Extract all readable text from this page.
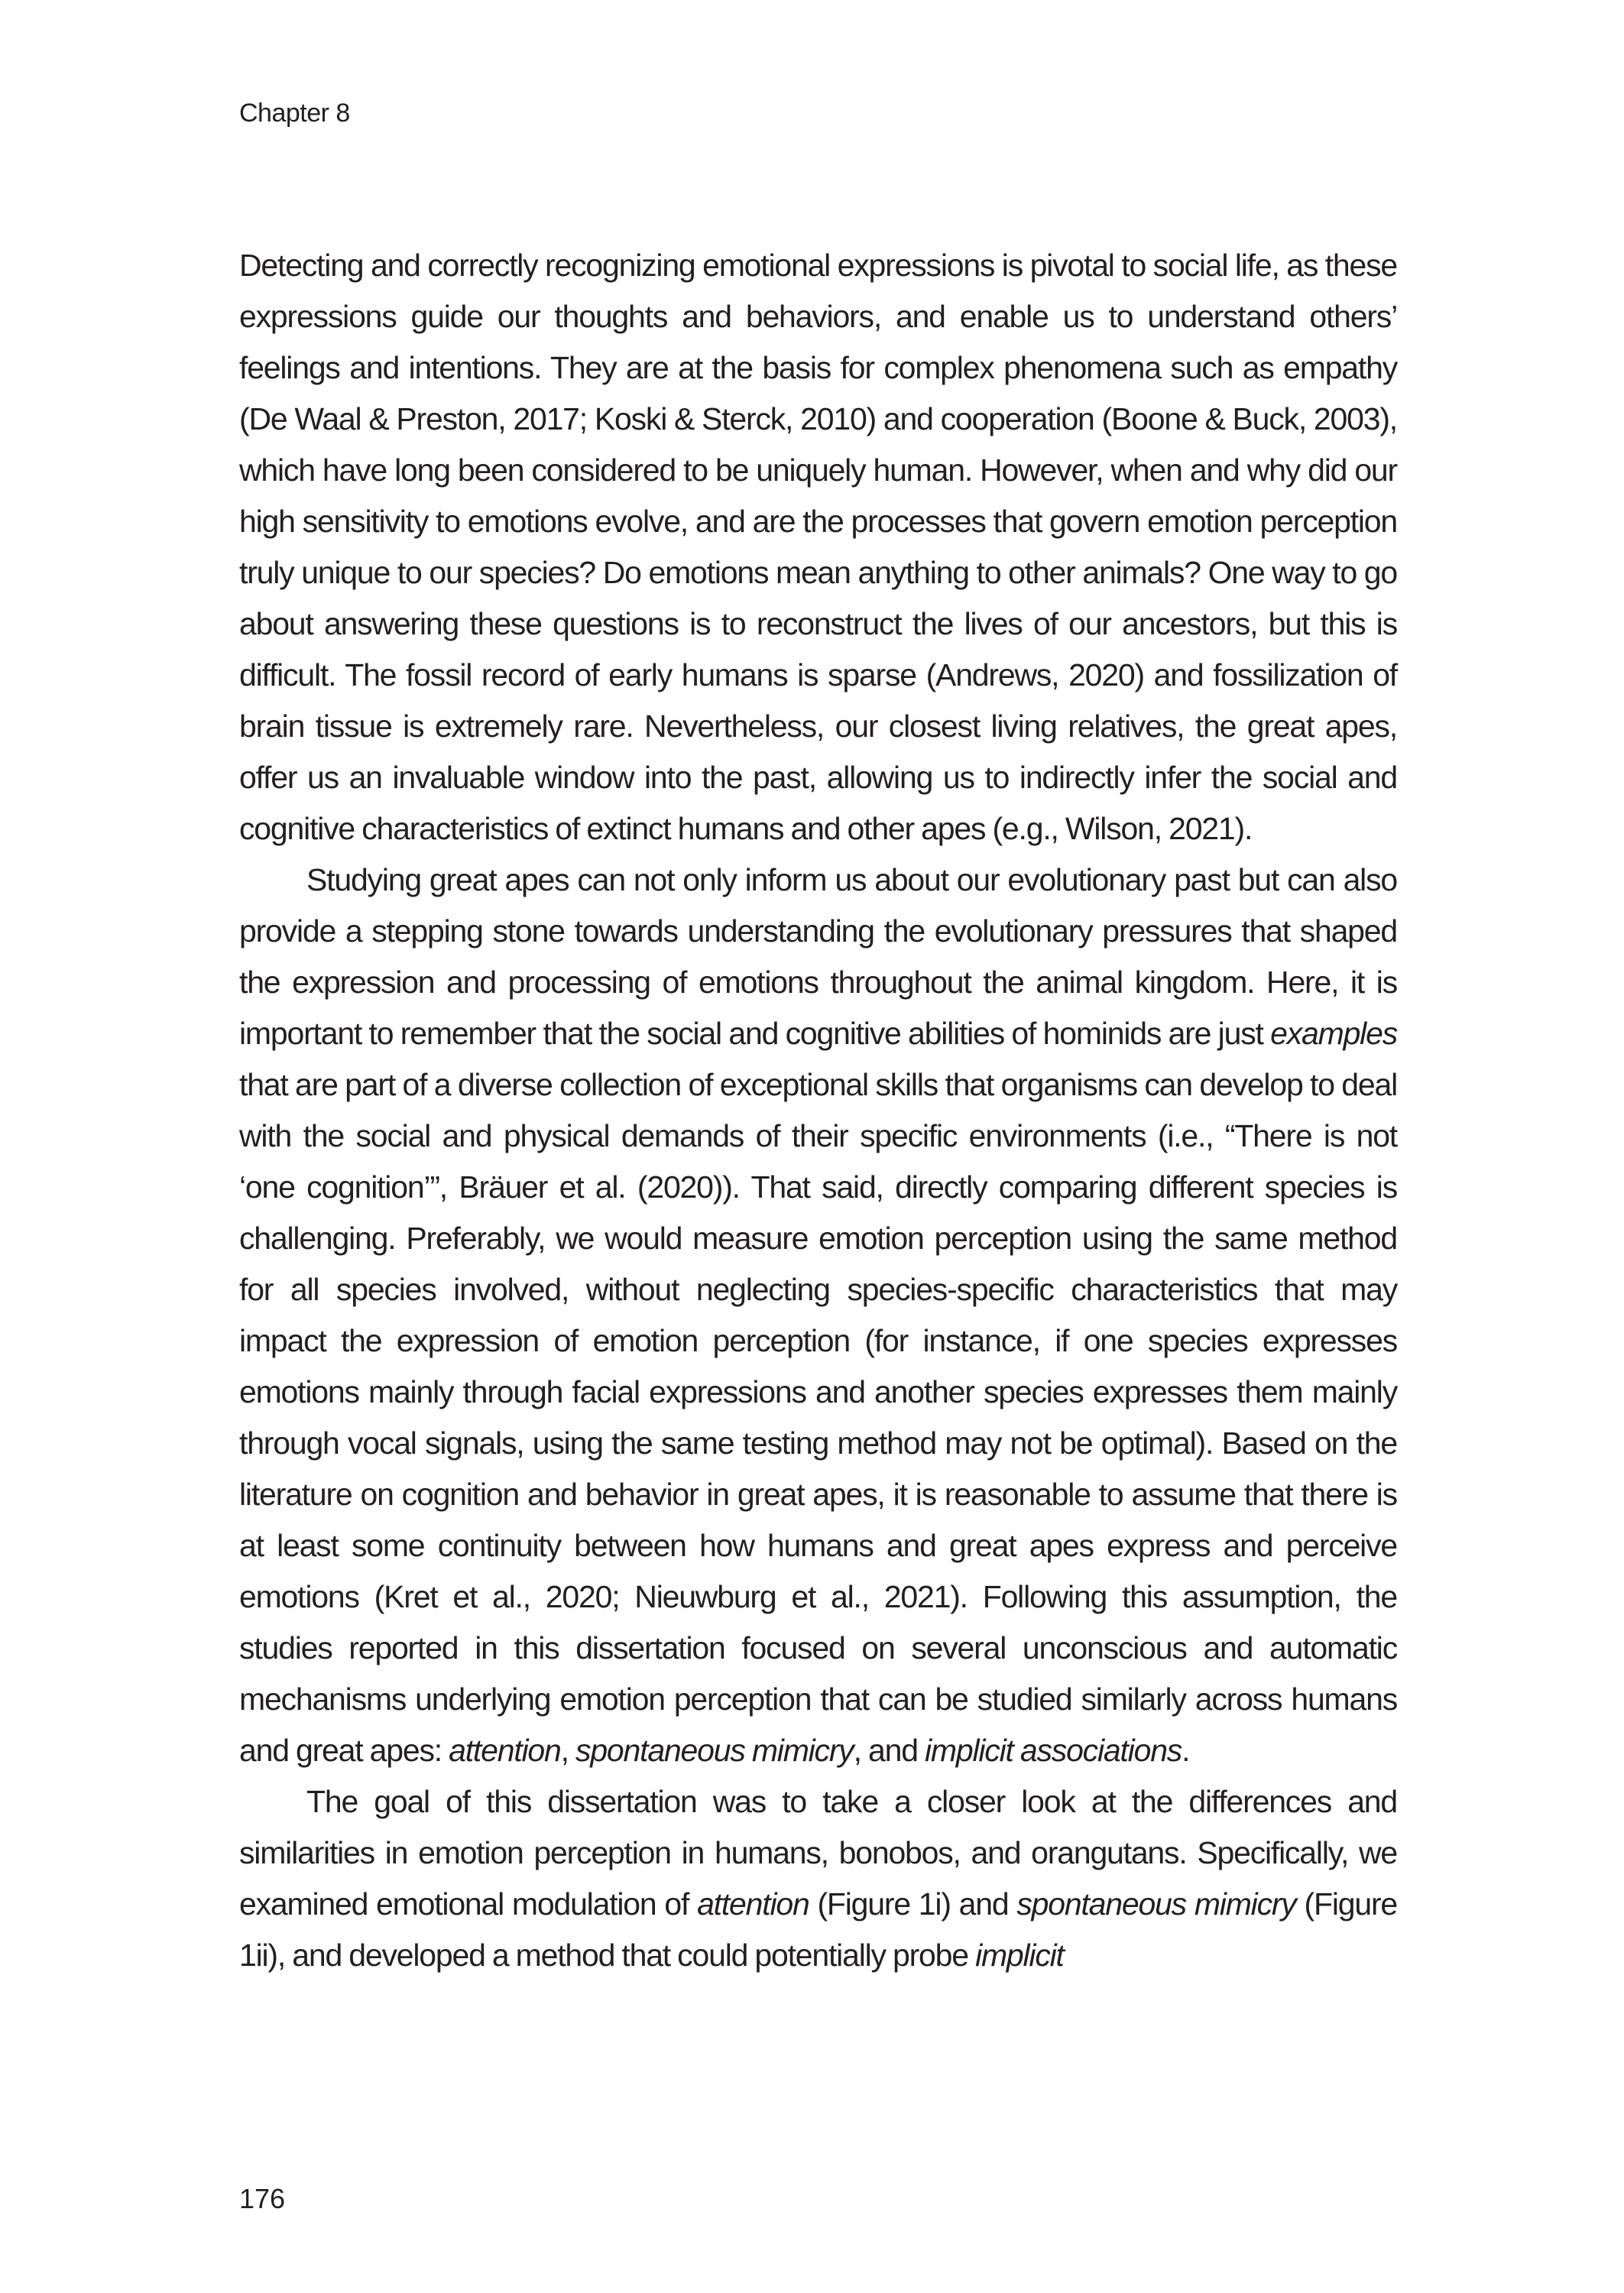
Chapter 8

Detecting and correctly recognizing emotional expressions is pivotal to social life, as these expressions guide our thoughts and behaviors, and enable us to understand others’ feelings and intentions. They are at the basis for complex phenomena such as empathy (De Waal & Preston, 2017; Koski & Sterck, 2010) and cooperation (Boone & Buck, 2003), which have long been considered to be uniquely human. However, when and why did our high sensitivity to emotions evolve, and are the processes that govern emotion perception truly unique to our species? Do emotions mean anything to other animals? One way to go about answering these questions is to reconstruct the lives of our ancestors, but this is difficult. The fossil record of early humans is sparse (Andrews, 2020) and fossilization of brain tissue is extremely rare. Nevertheless, our closest living relatives, the great apes, offer us an invaluable window into the past, allowing us to indirectly infer the social and cognitive characteristics of extinct humans and other apes (e.g., Wilson, 2021).

Studying great apes can not only inform us about our evolutionary past but can also provide a stepping stone towards understanding the evolutionary pressures that shaped the expression and processing of emotions throughout the animal kingdom. Here, it is important to remember that the social and cognitive abilities of hominids are just examples that are part of a diverse collection of exceptional skills that organisms can develop to deal with the social and physical demands of their specific environments (i.e., “There is not ‘one cognition’”, Bräuer et al. (2020)). That said, directly comparing different species is challenging. Preferably, we would measure emotion perception using the same method for all species involved, without neglecting species-specific characteristics that may impact the expression of emotion perception (for instance, if one species expresses emotions mainly through facial expressions and another species expresses them mainly through vocal signals, using the same testing method may not be optimal). Based on the literature on cognition and behavior in great apes, it is reasonable to assume that there is at least some continuity between how humans and great apes express and perceive emotions (Kret et al., 2020; Nieuwburg et al., 2021). Following this assumption, the studies reported in this dissertation focused on several unconscious and automatic mechanisms underlying emotion perception that can be studied similarly across humans and great apes: attention, spontaneous mimicry, and implicit associations.

The goal of this dissertation was to take a closer look at the differences and similarities in emotion perception in humans, bonobos, and orangutans. Specifically, we examined emotional modulation of attention (Figure 1i) and spontaneous mimicry (Figure 1ii), and developed a method that could potentially probe implicit

176
